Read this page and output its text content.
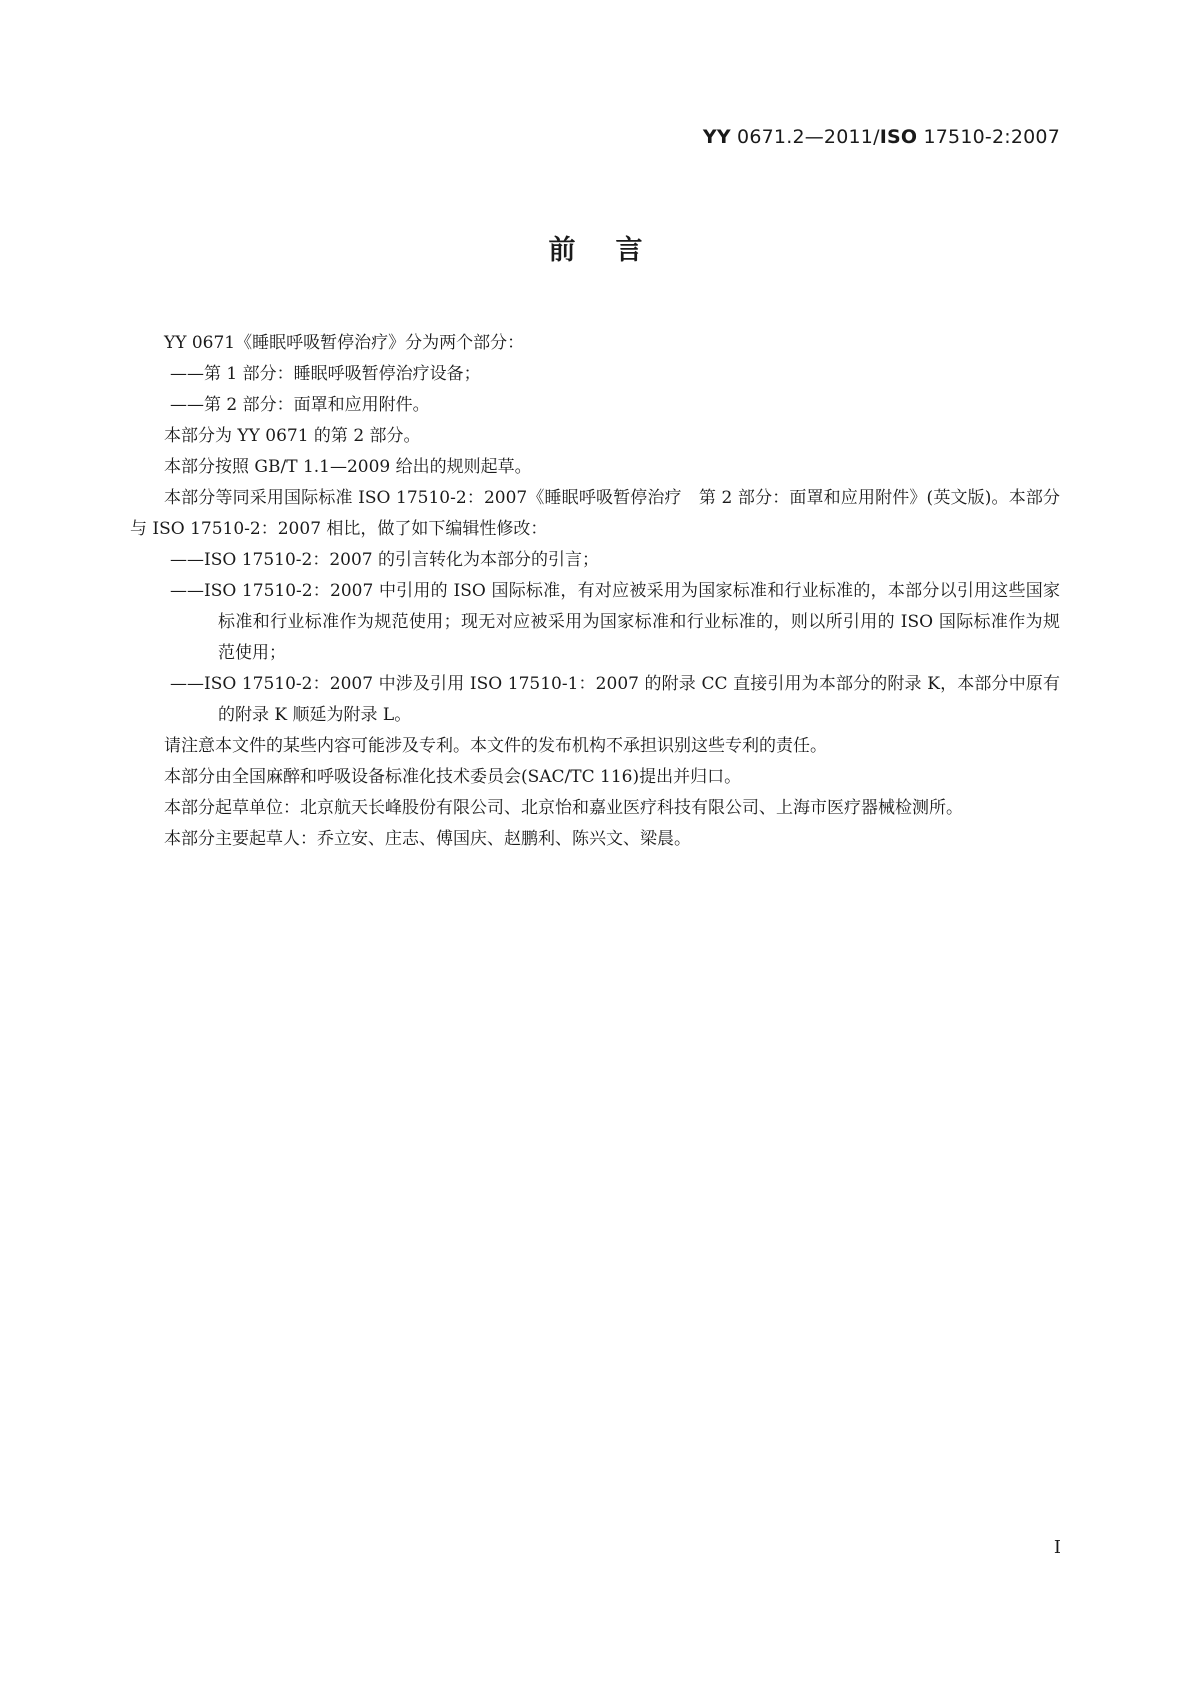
YY 0671.2—2011/ISO 17510-2:2007
前言

YY 0671《睡眠呼吸暂停治疗》分为两个部分：

——第 1 部分：睡眠呼吸暂停治疗设备；

——第 2 部分：面罩和应用附件。

本部分为 YY 0671 的第 2 部分。

本部分按照 GB/T 1.1—2009 给出的规则起草。

本部分等同采用国际标准 ISO 17510-2：2007《睡眠呼吸暂停治疗　第 2 部分：面罩和应用附件》(英文版)。本部分与 ISO 17510-2：2007 相比，做了如下编辑性修改：

——ISO 17510-2：2007 的引言转化为本部分的引言；

——ISO 17510-2：2007 中引用的 ISO 国际标准，有对应被采用为国家标准和行业标准的，本部分以引用这些国家标准和行业标准作为规范使用；现无对应被采用为国家标准和行业标准的，则以所引用的 ISO 国际标准作为规范使用；

——ISO 17510-2：2007 中涉及引用 ISO 17510-1：2007 的附录 CC 直接引用为本部分的附录 K，本部分中原有的附录 K 顺延为附录 L。

请注意本文件的某些内容可能涉及专利。本文件的发布机构不承担识别这些专利的责任。

本部分由全国麻醉和呼吸设备标准化技术委员会(SAC/TC 116)提出并归口。

本部分起草单位：北京航天长峰股份有限公司、北京怡和嘉业医疗科技有限公司、上海市医疗器械检测所。

本部分主要起草人：乔立安、庄志、傅国庆、赵鹏利、陈兴文、梁晨。

I
